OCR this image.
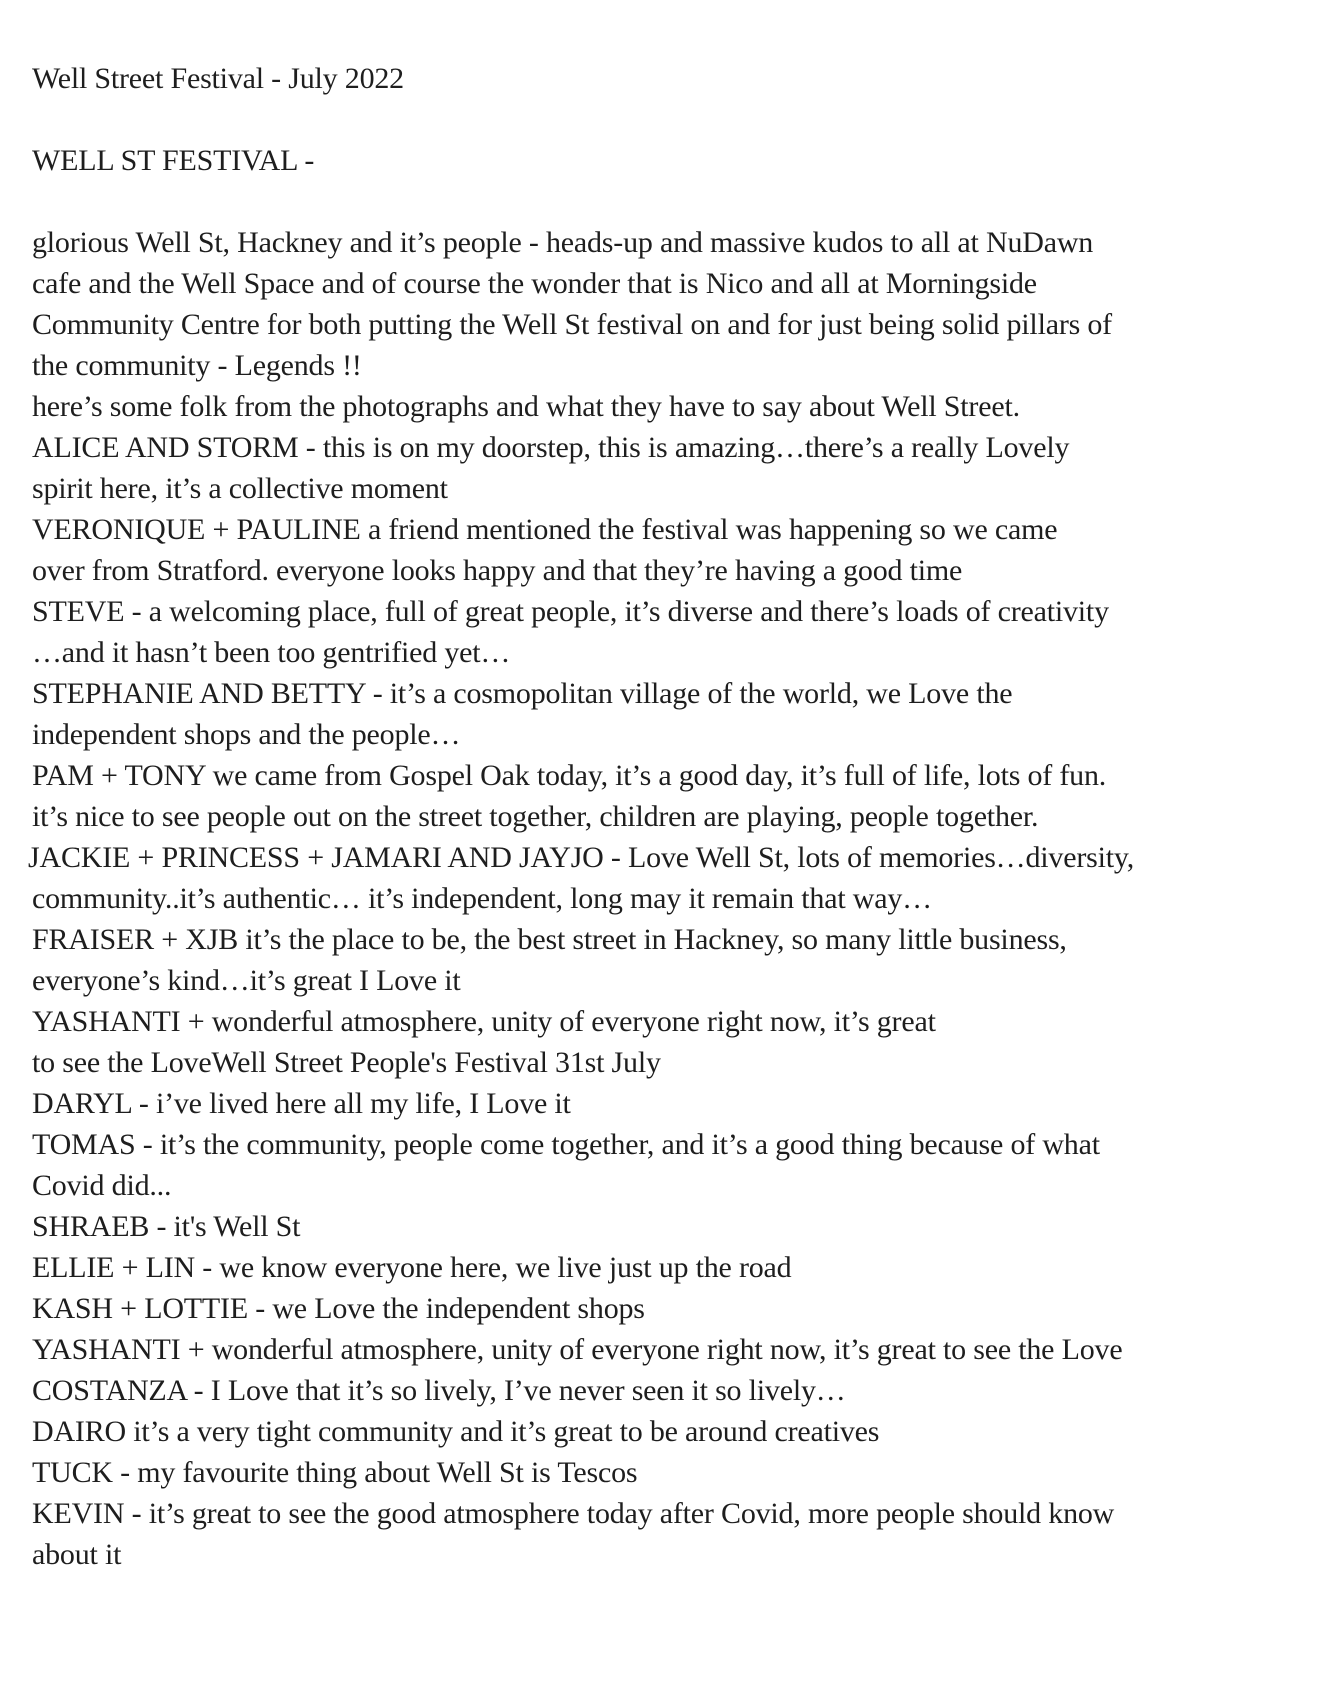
Well Street Festival - July 2022
WELL ST FESTIVAL -
glorious Well St, Hackney and it’s people - heads-up and massive kudos to all at NuDawn
cafe and the Well Space and of course the wonder that is Nico and all at Morningside
Community Centre for both putting the Well St festival on and for just being solid pillars of
the community - Legends !!
here’s some folk from the photographs and what they have to say about Well Street.
ALICE AND STORM - this is on my doorstep, this is amazing…there’s a really Lovely
spirit here, it’s a collective moment
VERONIQUE + PAULINE a friend mentioned the festival was happening so we came
over from Stratford. everyone looks happy and that they’re having a good time
STEVE - a welcoming place, full of great people, it’s diverse and there’s loads of creativity
…and it hasn’t been too gentrified yet…
STEPHANIE AND BETTY - it’s a cosmopolitan village of the world, we Love the
independent shops and the people…
PAM + TONY we came from Gospel Oak today, it’s a good day, it’s full of life, lots of fun.
it’s nice to see people out on the street together, children are playing, people together.
JACKIE + PRINCESS + JAMARI AND JAYJO - Love Well St, lots of memories…diversity,
community..it’s authentic… it’s independent, long may it remain that way…
FRAISER + XJB it’s the place to be, the best street in Hackney, so many little business,
everyone’s kind…it’s great I Love it
YASHANTI + wonderful atmosphere, unity of everyone right now, it’s great
to see the LoveWell Street People's Festival 31st July
DARYL - i’ve lived here all my life, I Love it
TOMAS - it’s the community, people come together, and it’s a good thing because of what
Covid did...
SHRAEB - it's Well St
ELLIE + LIN - we know everyone here, we live just up the road
KASH + LOTTIE - we Love the independent shops
YASHANTI + wonderful atmosphere, unity of everyone right now, it’s great to see the Love
COSTANZA - I Love that it’s so lively, I’ve never seen it so lively…
DAIRO it’s a very tight community and it’s great to be around creatives
TUCK - my favourite thing about Well St is Tescos
KEVIN - it’s great to see the good atmosphere today after Covid, more people should know
about it
